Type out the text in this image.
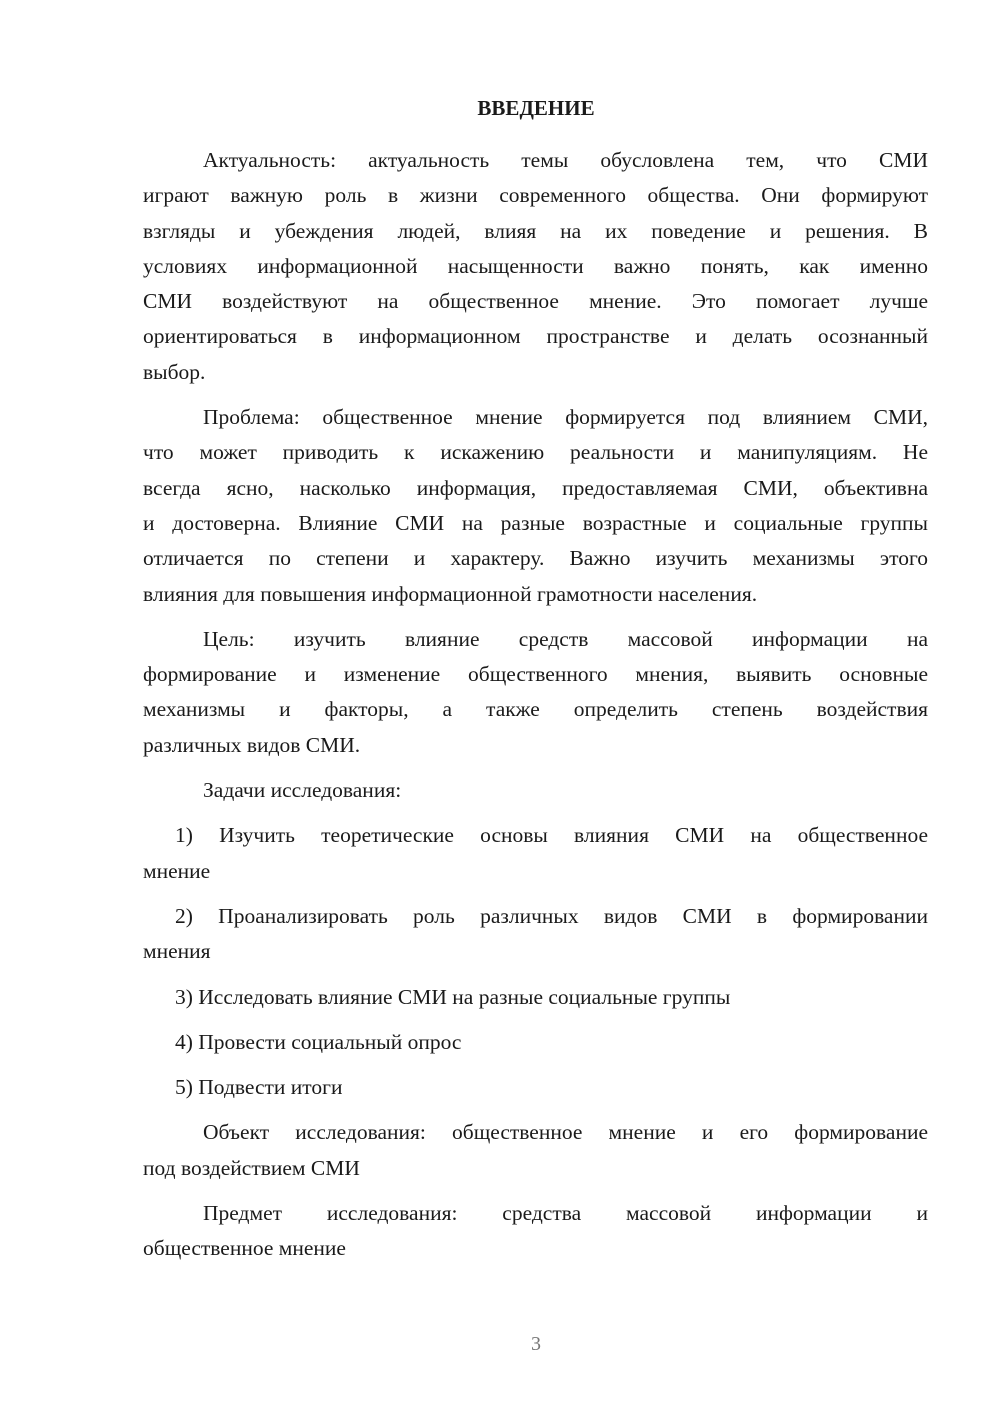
ВВЕДЕНИЕ
Актуальность: актуальность темы обусловлена тем, что СМИ
играют важную роль в жизни современного общества. Они формируют
взгляды и убеждения людей, влияя на их поведение и решения. В
условиях информационной насыщенности важно понять, как именно
СМИ воздействуют на общественное мнение. Это помогает лучше
ориентироваться в информационном пространстве и делать осознанный
выбор.
Проблема: общественное мнение формируется под влиянием СМИ,
что может приводить к искажению реальности и манипуляциям. Не
всегда ясно, насколько информация, предоставляемая СМИ, объективна
и достоверна. Влияние СМИ на разные возрастные и социальные группы
отличается по степени и характеру. Важно изучить механизмы этого
влияния для повышения информационной грамотности населения.
Цель: изучить влияние средств массовой информации на
формирование и изменение общественного мнения, выявить основные
механизмы и факторы, а также определить степень воздействия
различных видов СМИ.
Задачи исследования:
1) Изучить теоретические основы влияния СМИ на общественное
мнение
2) Проанализировать роль различных видов СМИ в формировании
мнения
3) Исследовать влияние СМИ на разные социальные группы
4) Провести социальный опрос
5) Подвести итоги
Объект исследования: общественное мнение и его формирование
под воздействием СМИ
Предмет исследования: средства массовой информации и
общественное мнение
3
